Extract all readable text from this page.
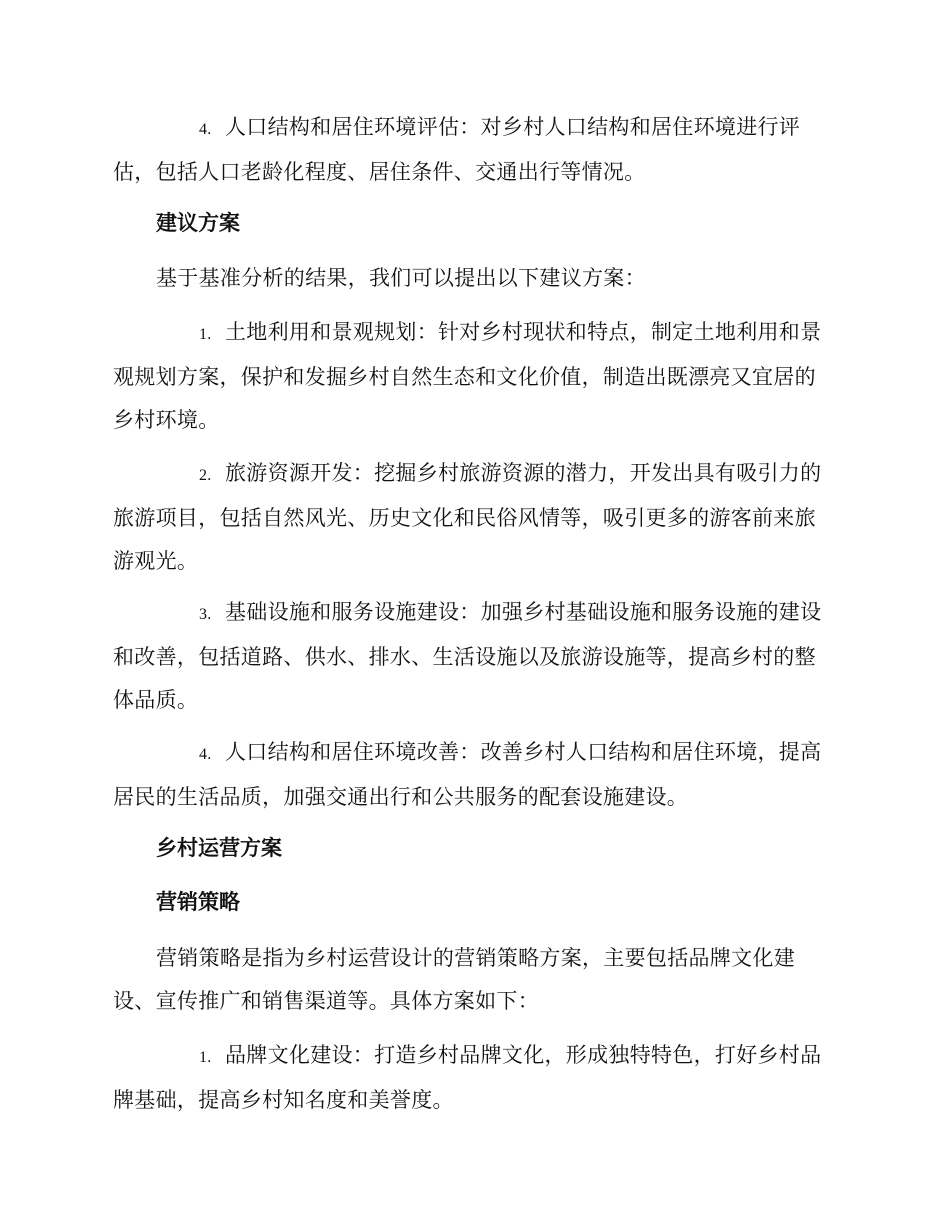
4. 人口结构和居住环境评估：对乡村人口结构和居住环境进行评估，包括人口老龄化程度、居住条件、交通出行等情况。

建议方案

基于基准分析的结果，我们可以提出以下建议方案：

1. 土地利用和景观规划：针对乡村现状和特点，制定土地利用和景观规划方案，保护和发掘乡村自然生态和文化价值，制造出既漂亮又宜居的乡村环境。

2. 旅游资源开发：挖掘乡村旅游资源的潜力，开发出具有吸引力的旅游项目，包括自然风光、历史文化和民俗风情等，吸引更多的游客前来旅游观光。

3. 基础设施和服务设施建设：加强乡村基础设施和服务设施的建设和改善，包括道路、供水、排水、生活设施以及旅游设施等，提高乡村的整体品质。

4. 人口结构和居住环境改善：改善乡村人口结构和居住环境，提高居民的生活品质，加强交通出行和公共服务的配套设施建设。

乡村运营方案
营销策略

营销策略是指为乡村运营设计的营销策略方案，主要包括品牌文化建设、宣传推广和销售渠道等。具体方案如下：

1. 品牌文化建设：打造乡村品牌文化，形成独特特色，打好乡村品牌基础，提高乡村知名度和美誉度。
